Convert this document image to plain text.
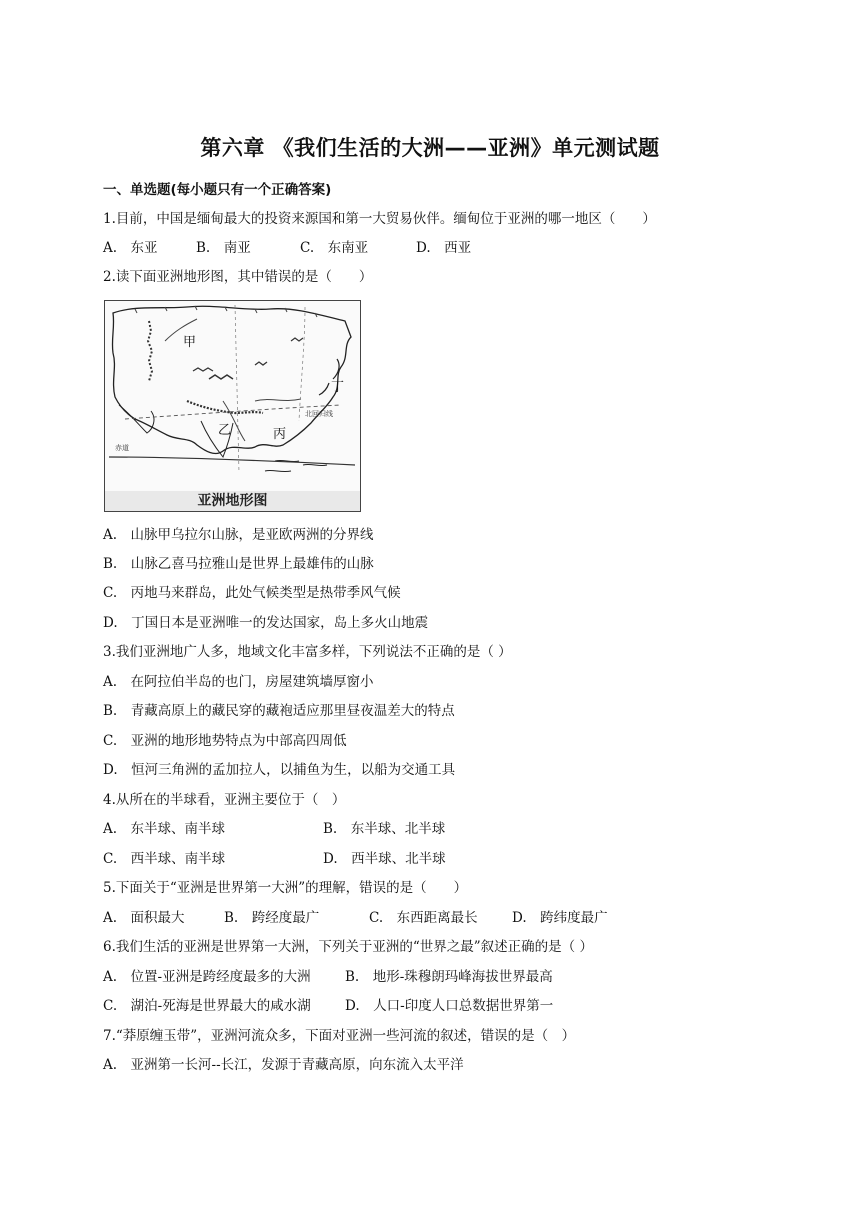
第六章 《我们生活的大洲——亚洲》单元测试题
一、单选题(每小题只有一个正确答案)
1.目前，中国是缅甸最大的投资来源国和第一大贸易伙伴。缅甸位于亚洲的哪一地区（　　）
A.　东亚	B.　南亚	C.　东南亚	D.　西亚
2.读下面亚洲地形图，其中错误的是（　　）
甲
乙	丙
丁
赤道
北回归线
亚洲地形图
A.　山脉甲乌拉尔山脉，是亚欧两洲的分界线
B.　山脉乙喜马拉雅山是世界上最雄伟的山脉
C.　丙地马来群岛，此处气候类型是热带季风气候
D.　丁国日本是亚洲唯一的发达国家，岛上多火山地震
3.我们亚洲地广人多，地域文化丰富多样，下列说法不正确的是（ ）
A.　在阿拉伯半岛的也门，房屋建筑墙厚窗小
B.　青藏高原上的藏民穿的藏袍适应那里昼夜温差大的特点
C.　亚洲的地形地势特点为中部高四周低
D.　恒河三角洲的孟加拉人，以捕鱼为生，以船为交通工具
4.从所在的半球看，亚洲主要位于（　）
A.　东半球、南半球	B.　东半球、北半球
C.　西半球、南半球	D.　西半球、北半球
5.下面关于“亚洲是世界第一大洲”的理解，错误的是（　　）
A.　面积最大	B.　跨经度最广	C.　东西距离最长	D.　跨纬度最广
6.我们生活的亚洲是世界第一大洲，下列关于亚洲的“世界之最”叙述正确的是（ ）
A.　位置-亚洲是跨经度最多的大洲	B.　地形-珠穆朗玛峰海拔世界最高
C.　湖泊-死海是世界最大的咸水湖	D.　人口-印度人口总数据世界第一
7.“莽原缠玉带”，亚洲河流众多，下面对亚洲一些河流的叙述，错误的是（　）
A.　亚洲第一长河--长江，发源于青藏高原，向东流入太平洋
